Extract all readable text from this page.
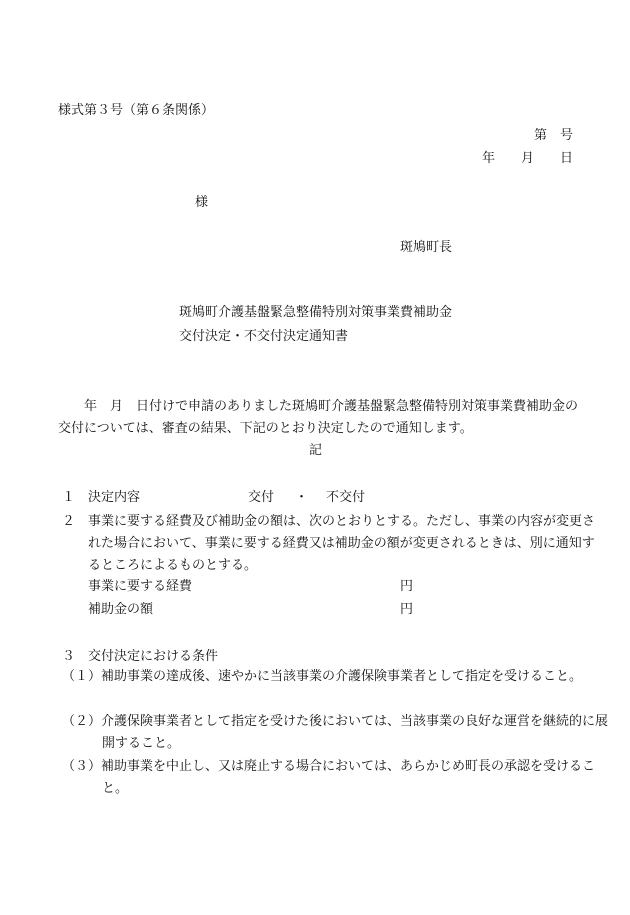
様式第３号（第６条関係）
第　号
年　　月　　日
様
斑鳩町長
斑鳩町介護基盤緊急整備特別対策事業費補助金
交付決定・不交付決定通知書
年　月　日付けで申請のありました斑鳩町介護基盤緊急整備特別対策事業費補助金の交付については、審査の結果、下記のとおり決定したので通知します。
記
１　決定内容	交付 ・ 不交付
２　事業に要する経費及び補助金の額は、次のとおりとする。ただし、事業の内容が変更された場合において、事業に要する経費又は補助金の額が変更されるときは、別に通知するところによるものとする。
事業に要する経費	円
補助金の額	円
３　交付決定における条件
（１）補助事業の達成後、速やかに当該事業の介護保険事業者として指定を受けること。
（２）介護保険事業者として指定を受けた後においては、当該事業の良好な運営を継続的に展開すること。
（３）補助事業を中止し、又は廃止する場合においては、あらかじめ町長の承認を受けること。
